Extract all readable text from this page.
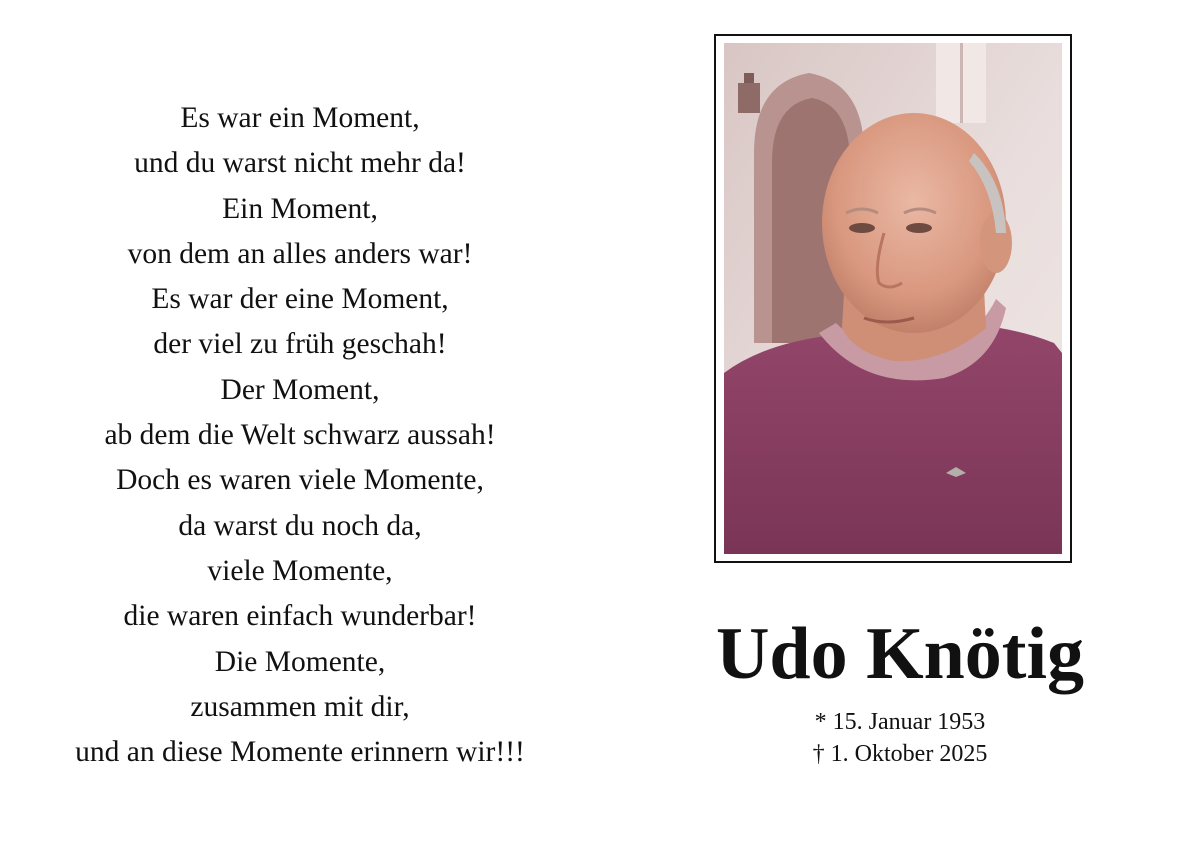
Es war ein Moment,
und du warst nicht mehr da!
Ein Moment,
von dem an alles anders war!
Es war der eine Moment,
der viel zu früh geschah!
Der Moment,
ab dem die Welt schwarz aussah!
Doch es waren viele Momente,
da warst du noch da,
viele Momente,
die waren einfach wunderbar!
Die Momente,
zusammen mit dir,
und an diese Momente erinnern wir!!!
Udo Knötig
* 15. Januar 1953
† 1. Oktober 2025
